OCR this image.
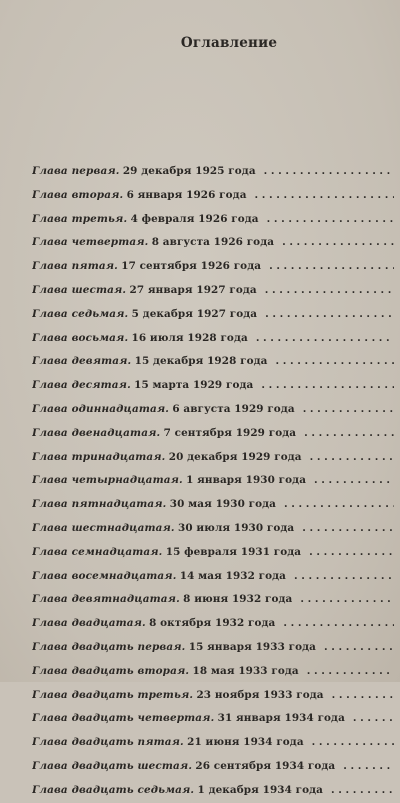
Оглавление
Глава первая.
29 декабря 1925 года
. . .
Глава вторая.
6 января 1926 года
. . .
Глава третья.
4 февраля 1926 года
. . .
Глава четвертая.
8 августа 1926 года
. . .
Глава пятая.
17 сентября 1926 года
. . .
Глава шестая.
27 января 1927 года
. . .
Глава седьмая.
5 декабря 1927 года
. . .
Глава восьмая.
16 июля 1928 года
. . .
Глава девятая.
15 декабря 1928 года
. . .
Глава десятая.
15 марта 1929 года
. . .
Глава одиннадцатая.
6 августа 1929 года
. . .
Глава двенадцатая.
7 сентября 1929 года
. . .
Глава тринадцатая.
20 декабря 1929 года
. . .
Глава четырнадцатая.
1 января 1930 года
. . .
Глава пятнадцатая.
30 мая 1930 года
. . .
Глава шестнадцатая.
30 июля 1930 года
. . .
Глава семнадцатая.
15 февраля 1931 года
. . .
Глава восемнадцатая.
14 мая 1932 года
. . .
Глава девятнадцатая.
8 июня 1932 года
. . .
Глава двадцатая.
8 октября 1932 года
. . .
Глава двадцать первая.
15 января 1933 года
. . .
Глава двадцать вторая.
18 мая 1933 года
. . .
Глава двадцать третья.
23 ноября 1933 года
. . .
Глава двадцать четвертая.
31 января 1934 года
. . .
Глава двадцать пятая.
21 июня 1934 года
. . .
Глава двадцать шестая.
26 сентября 1934 года
. . .
Глава двадцать седьмая.
1 декабря 1934 года
. . .
